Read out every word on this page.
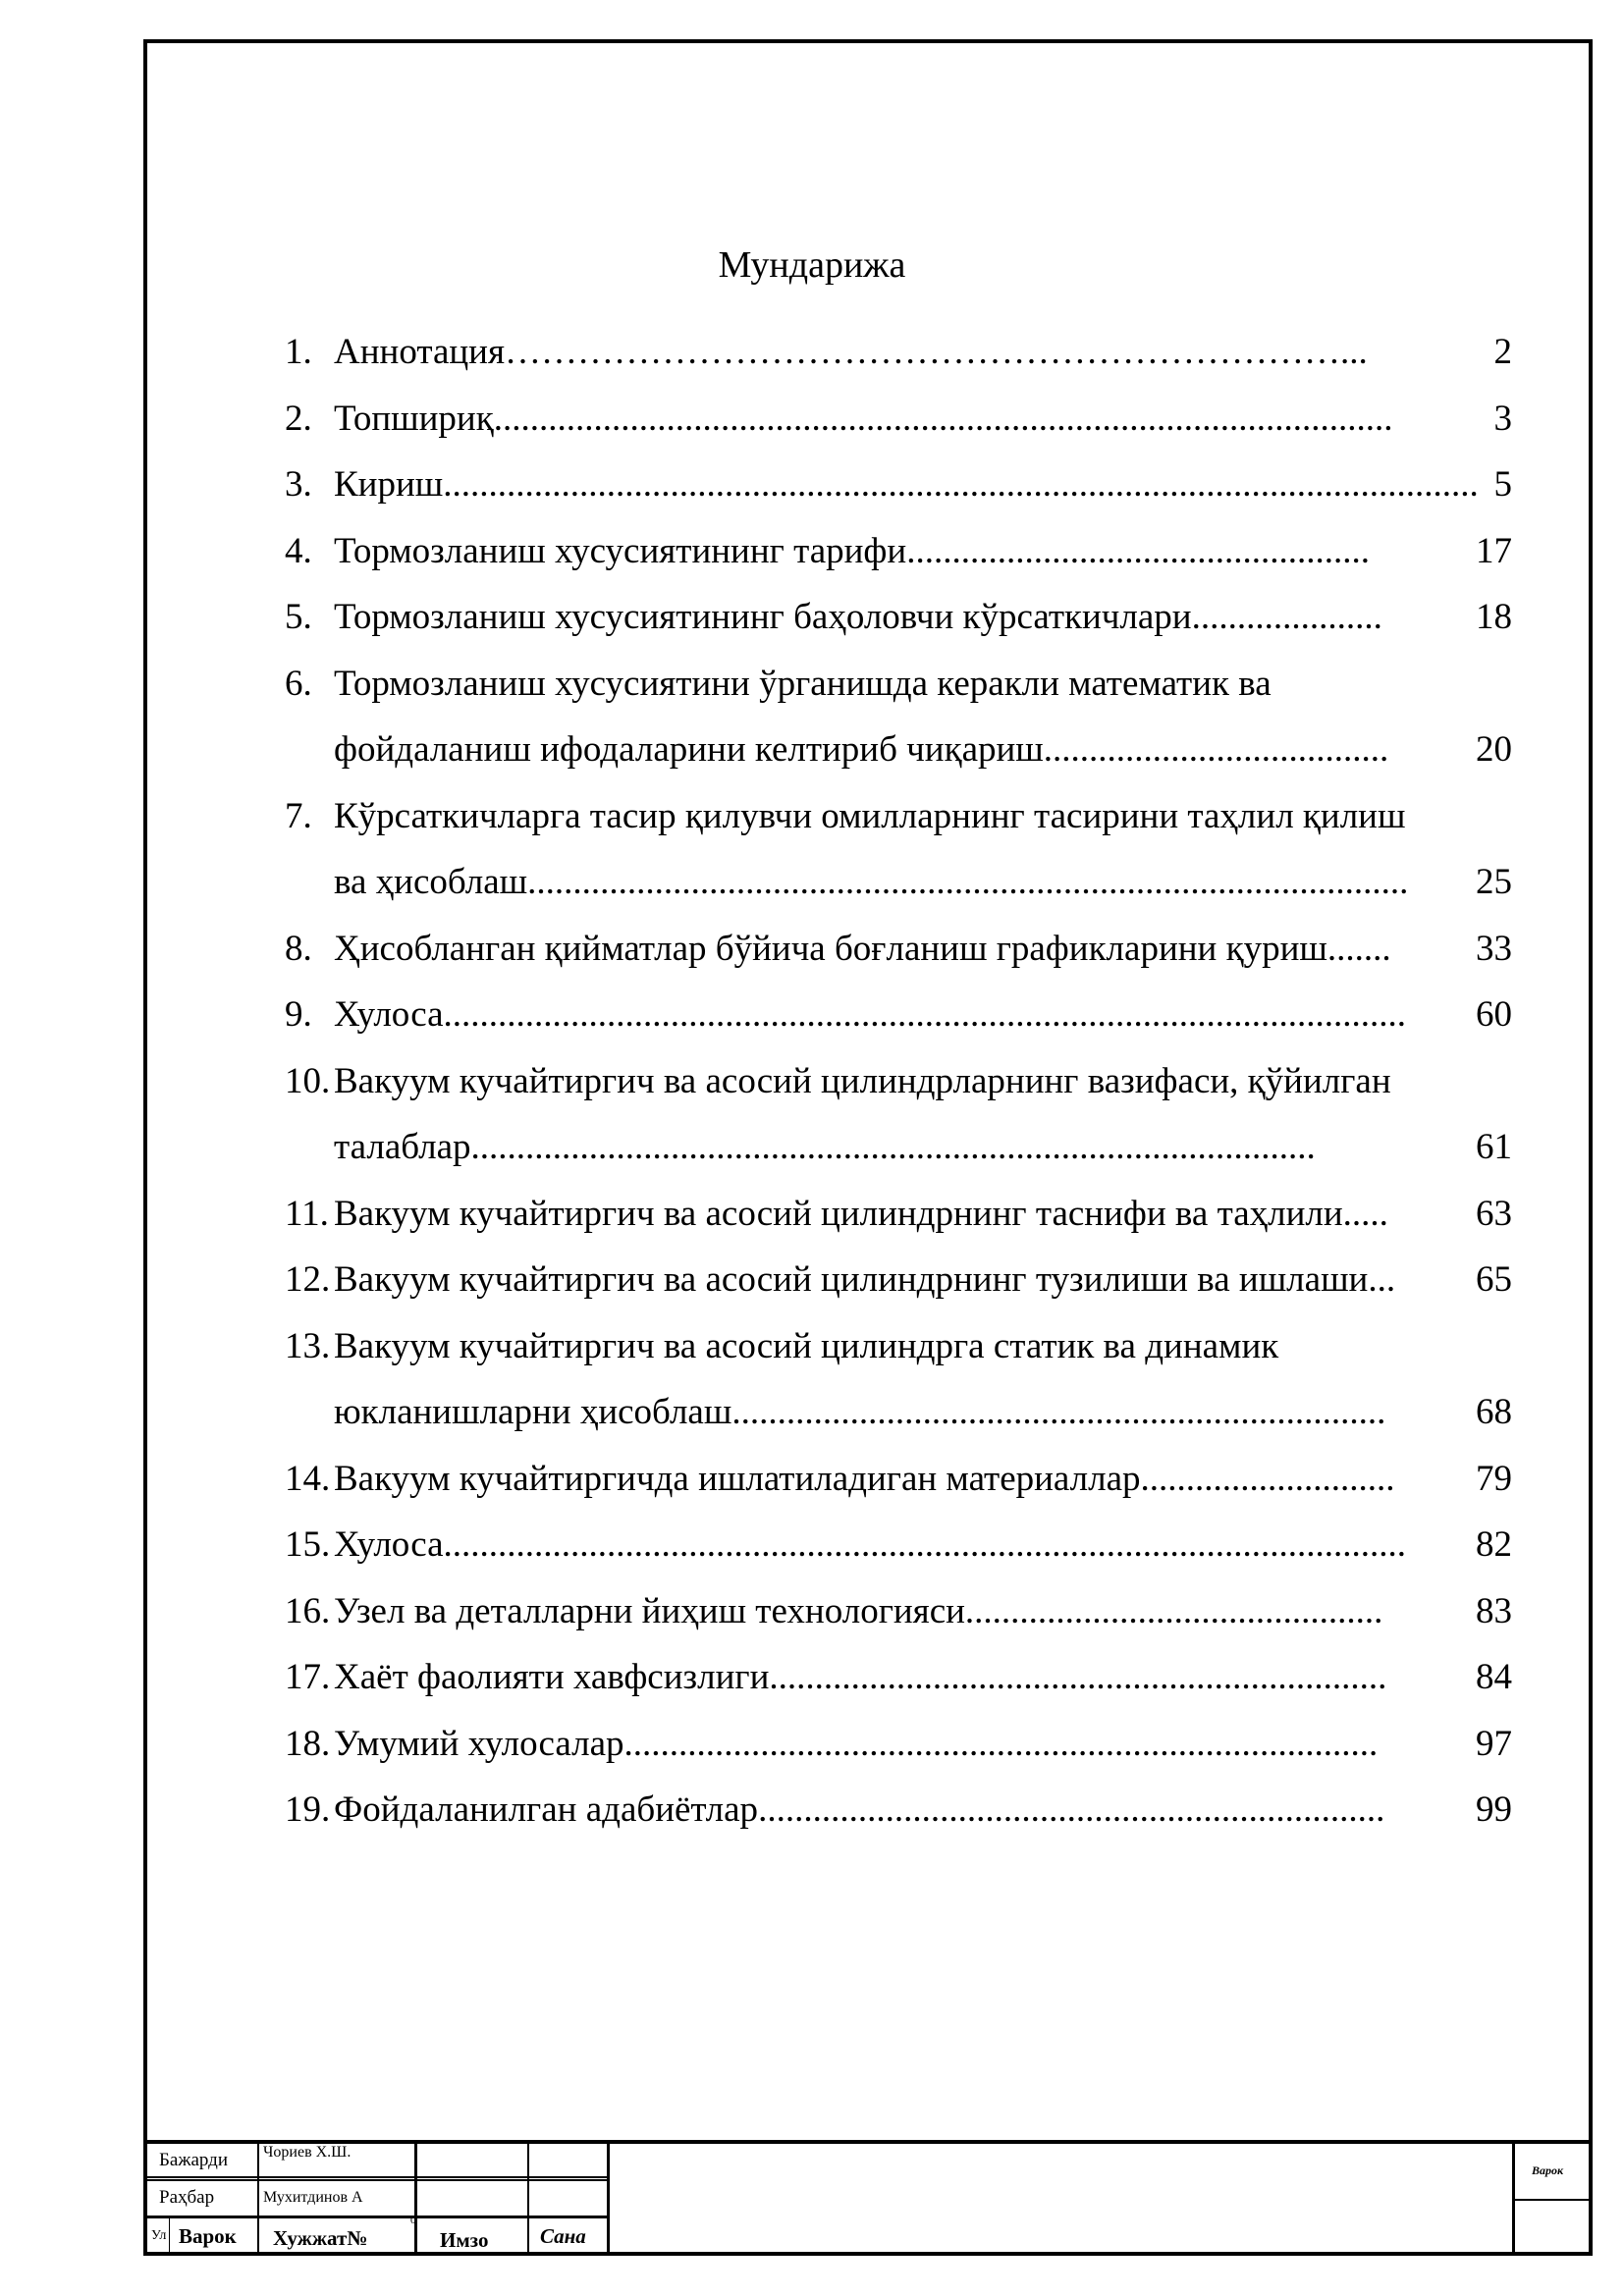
Мундарижа
1. Аннотация ……………………………………………………………...	2
2. Топшириқ ...................................................................................................	3
3. Кириш .................................................................................................................. 5
4. Тормозланиш хусусиятининг тарифи ...................................................	17
5. Тормозланиш хусусиятининг баҳоловчи кўрсаткичлари .....................	18
6. Тормозланиш хусусиятини ўрганишда керакли математик ва
фойдаланиш ифодаларини келтириб чиқариш ......................................	20
7. Кўрсаткичларга тасир қилувчи омилларнинг тасирини таҳлил қилиш
ва ҳисоблаш .................................................................................................	25
8. Ҳисобланган қийматлар бўйича боғланиш графикларини қуриш .......	33
9. Хулоса ..........................................................................................................	60
10. Вакуум кучайтиргич ва асосий цилиндрларнинг вазифаси, қўйилган
талаблар .............................................................................................	61
11. Вакуум кучайтиргич ва асосий цилиндрнинг таснифи ва таҳлили .....	63
12. Вакуум кучайтиргич ва асосий цилиндрнинг тузилиши ва ишлаши ...	65
13. Вакуум кучайтиргич ва асосий цилиндрга статик ва динамик
юкланишларни ҳисоблаш ........................................................................	68
14. Вакуум кучайтиргичда ишлатиладиган материаллар ............................	79
15. Хулоса ..........................................................................................................	82
16. Узел ва деталларни йиҳиш технологияси ..............................................	83
17. Хаёт фаолияти хавфсизлиги ....................................................................	84
18. Умумий хулосалар ...................................................................................	97
19. Фойдаланилган адабиётлар .....................................................................	99
Бажарди Чориев Х.Ш.
Раҳбар	Мухитдинов А
Ул Варок Хужжат№
0
Имзо	Сана
Варок
